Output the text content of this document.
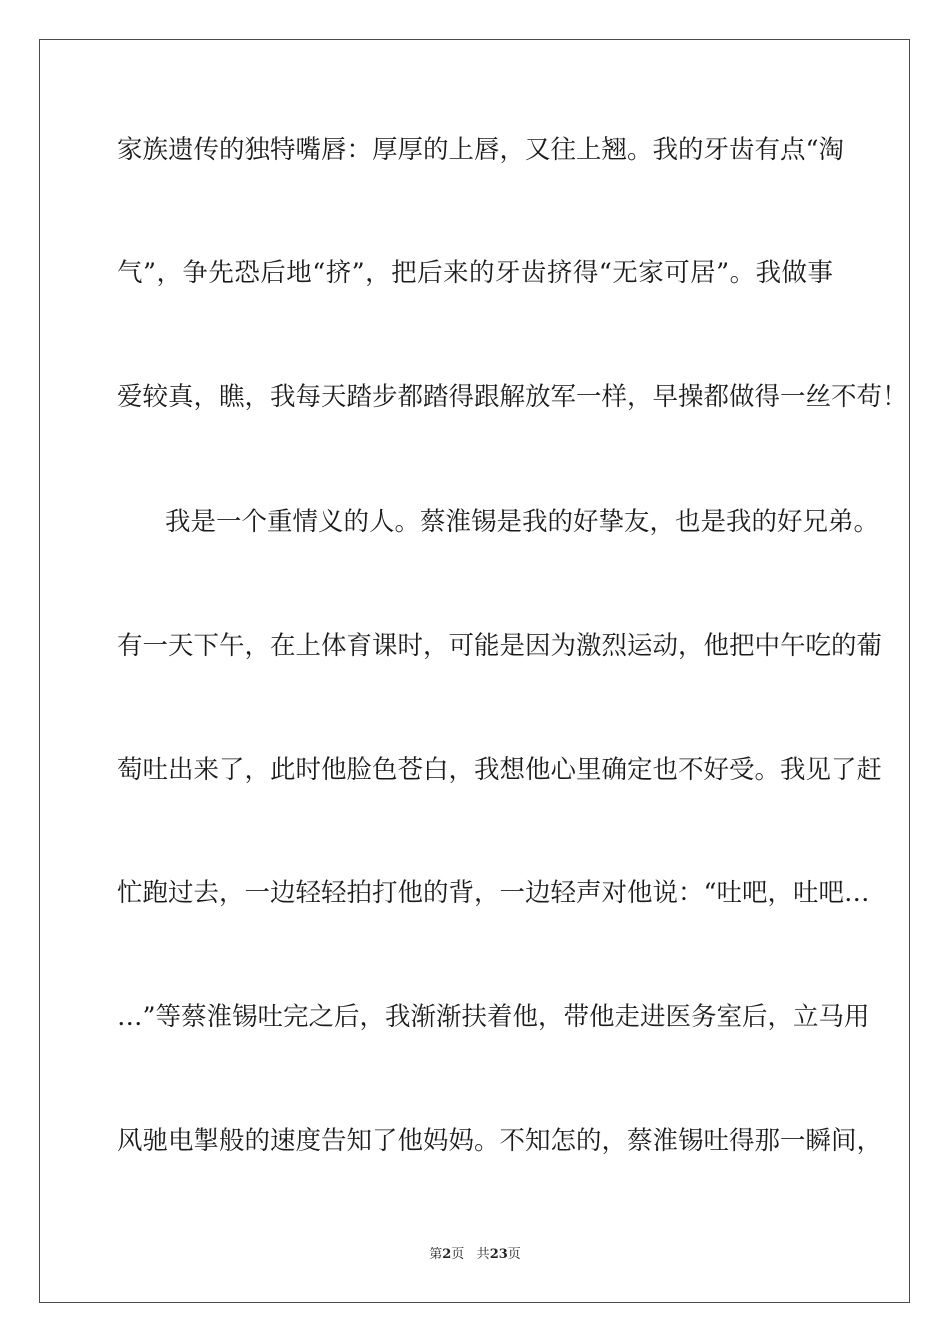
家族遗传的独特嘴唇：厚厚的上唇，又往上翘。我的牙齿有点“淘
气”，争先恐后地“挤”，把后来的牙齿挤得“无家可居”。我做事
爱较真，瞧，我每天踏步都踏得跟解放军一样，早操都做得一丝不苟！
我是一个重情义的人。蔡淮锡是我的好挚友，也是我的好兄弟。
有一天下午，在上体育课时，可能是因为激烈运动，他把中午吃的葡
萄吐出来了，此时他脸色苍白，我想他心里确定也不好受。我见了赶
忙跑过去，一边轻轻拍打他的背，一边轻声对他说：“吐吧，吐吧…
…”等蔡淮锡吐完之后，我渐渐扶着他，带他走进医务室后，立马用
风驰电掣般的速度告知了他妈妈。不知怎的，蔡淮锡吐得那一瞬间，
第2页 共23页
